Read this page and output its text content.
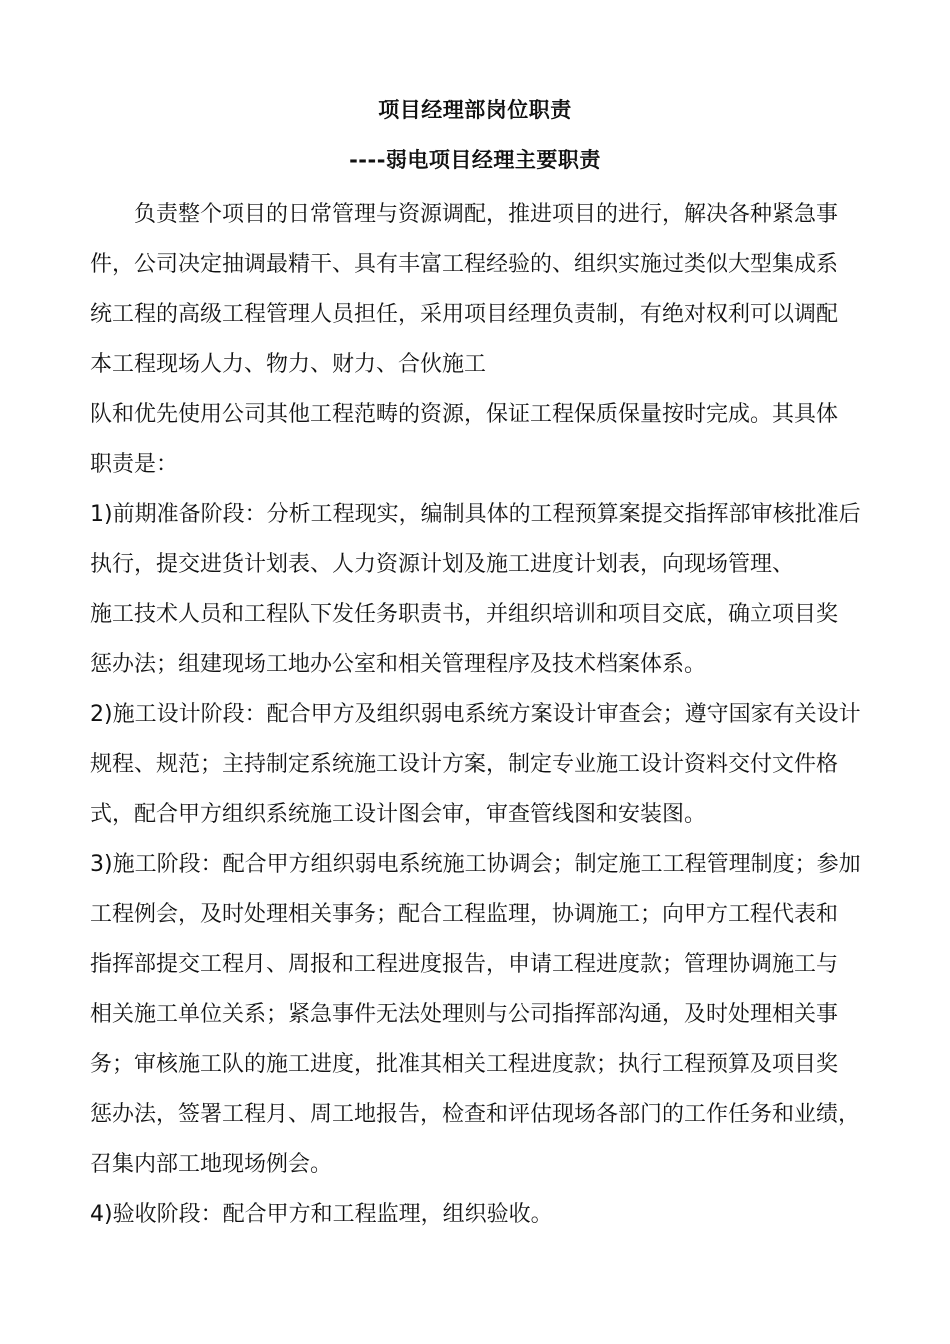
项目经理部岗位职责
----弱电项目经理主要职责
负责整个项目的日常管理与资源调配，推进项目的进行，解决各种紧急事
件，公司决定抽调最精干、具有丰富工程经验的、组织实施过类似大型集成系
统工程的高级工程管理人员担任，采用项目经理负责制，有绝对权利可以调配
本工程现场人力、物力、财力、合伙施工
队和优先使用公司其他工程范畴的资源，保证工程保质保量按时完成。其具体
职责是：
1)前期准备阶段：分析工程现实，编制具体的工程预算案提交指挥部审核批准后
执行，提交进货计划表、人力资源计划及施工进度计划表，向现场管理、
施工技术人员和工程队下发任务职责书，并组织培训和项目交底，确立项目奖
惩办法；组建现场工地办公室和相关管理程序及技术档案体系。
2)施工设计阶段：配合甲方及组织弱电系统方案设计审查会；遵守国家有关设计
规程、规范；主持制定系统施工设计方案，制定专业施工设计资料交付文件格
式，配合甲方组织系统施工设计图会审，审查管线图和安装图。
3)施工阶段：配合甲方组织弱电系统施工协调会；制定施工工程管理制度；参加
工程例会，及时处理相关事务；配合工程监理，协调施工；向甲方工程代表和
指挥部提交工程月、周报和工程进度报告，申请工程进度款；管理协调施工与
相关施工单位关系；紧急事件无法处理则与公司指挥部沟通，及时处理相关事
务；审核施工队的施工进度，批准其相关工程进度款；执行工程预算及项目奖
惩办法，签署工程月、周工地报告，检查和评估现场各部门的工作任务和业绩，
召集内部工地现场例会。
4)验收阶段：配合甲方和工程监理，组织验收。
